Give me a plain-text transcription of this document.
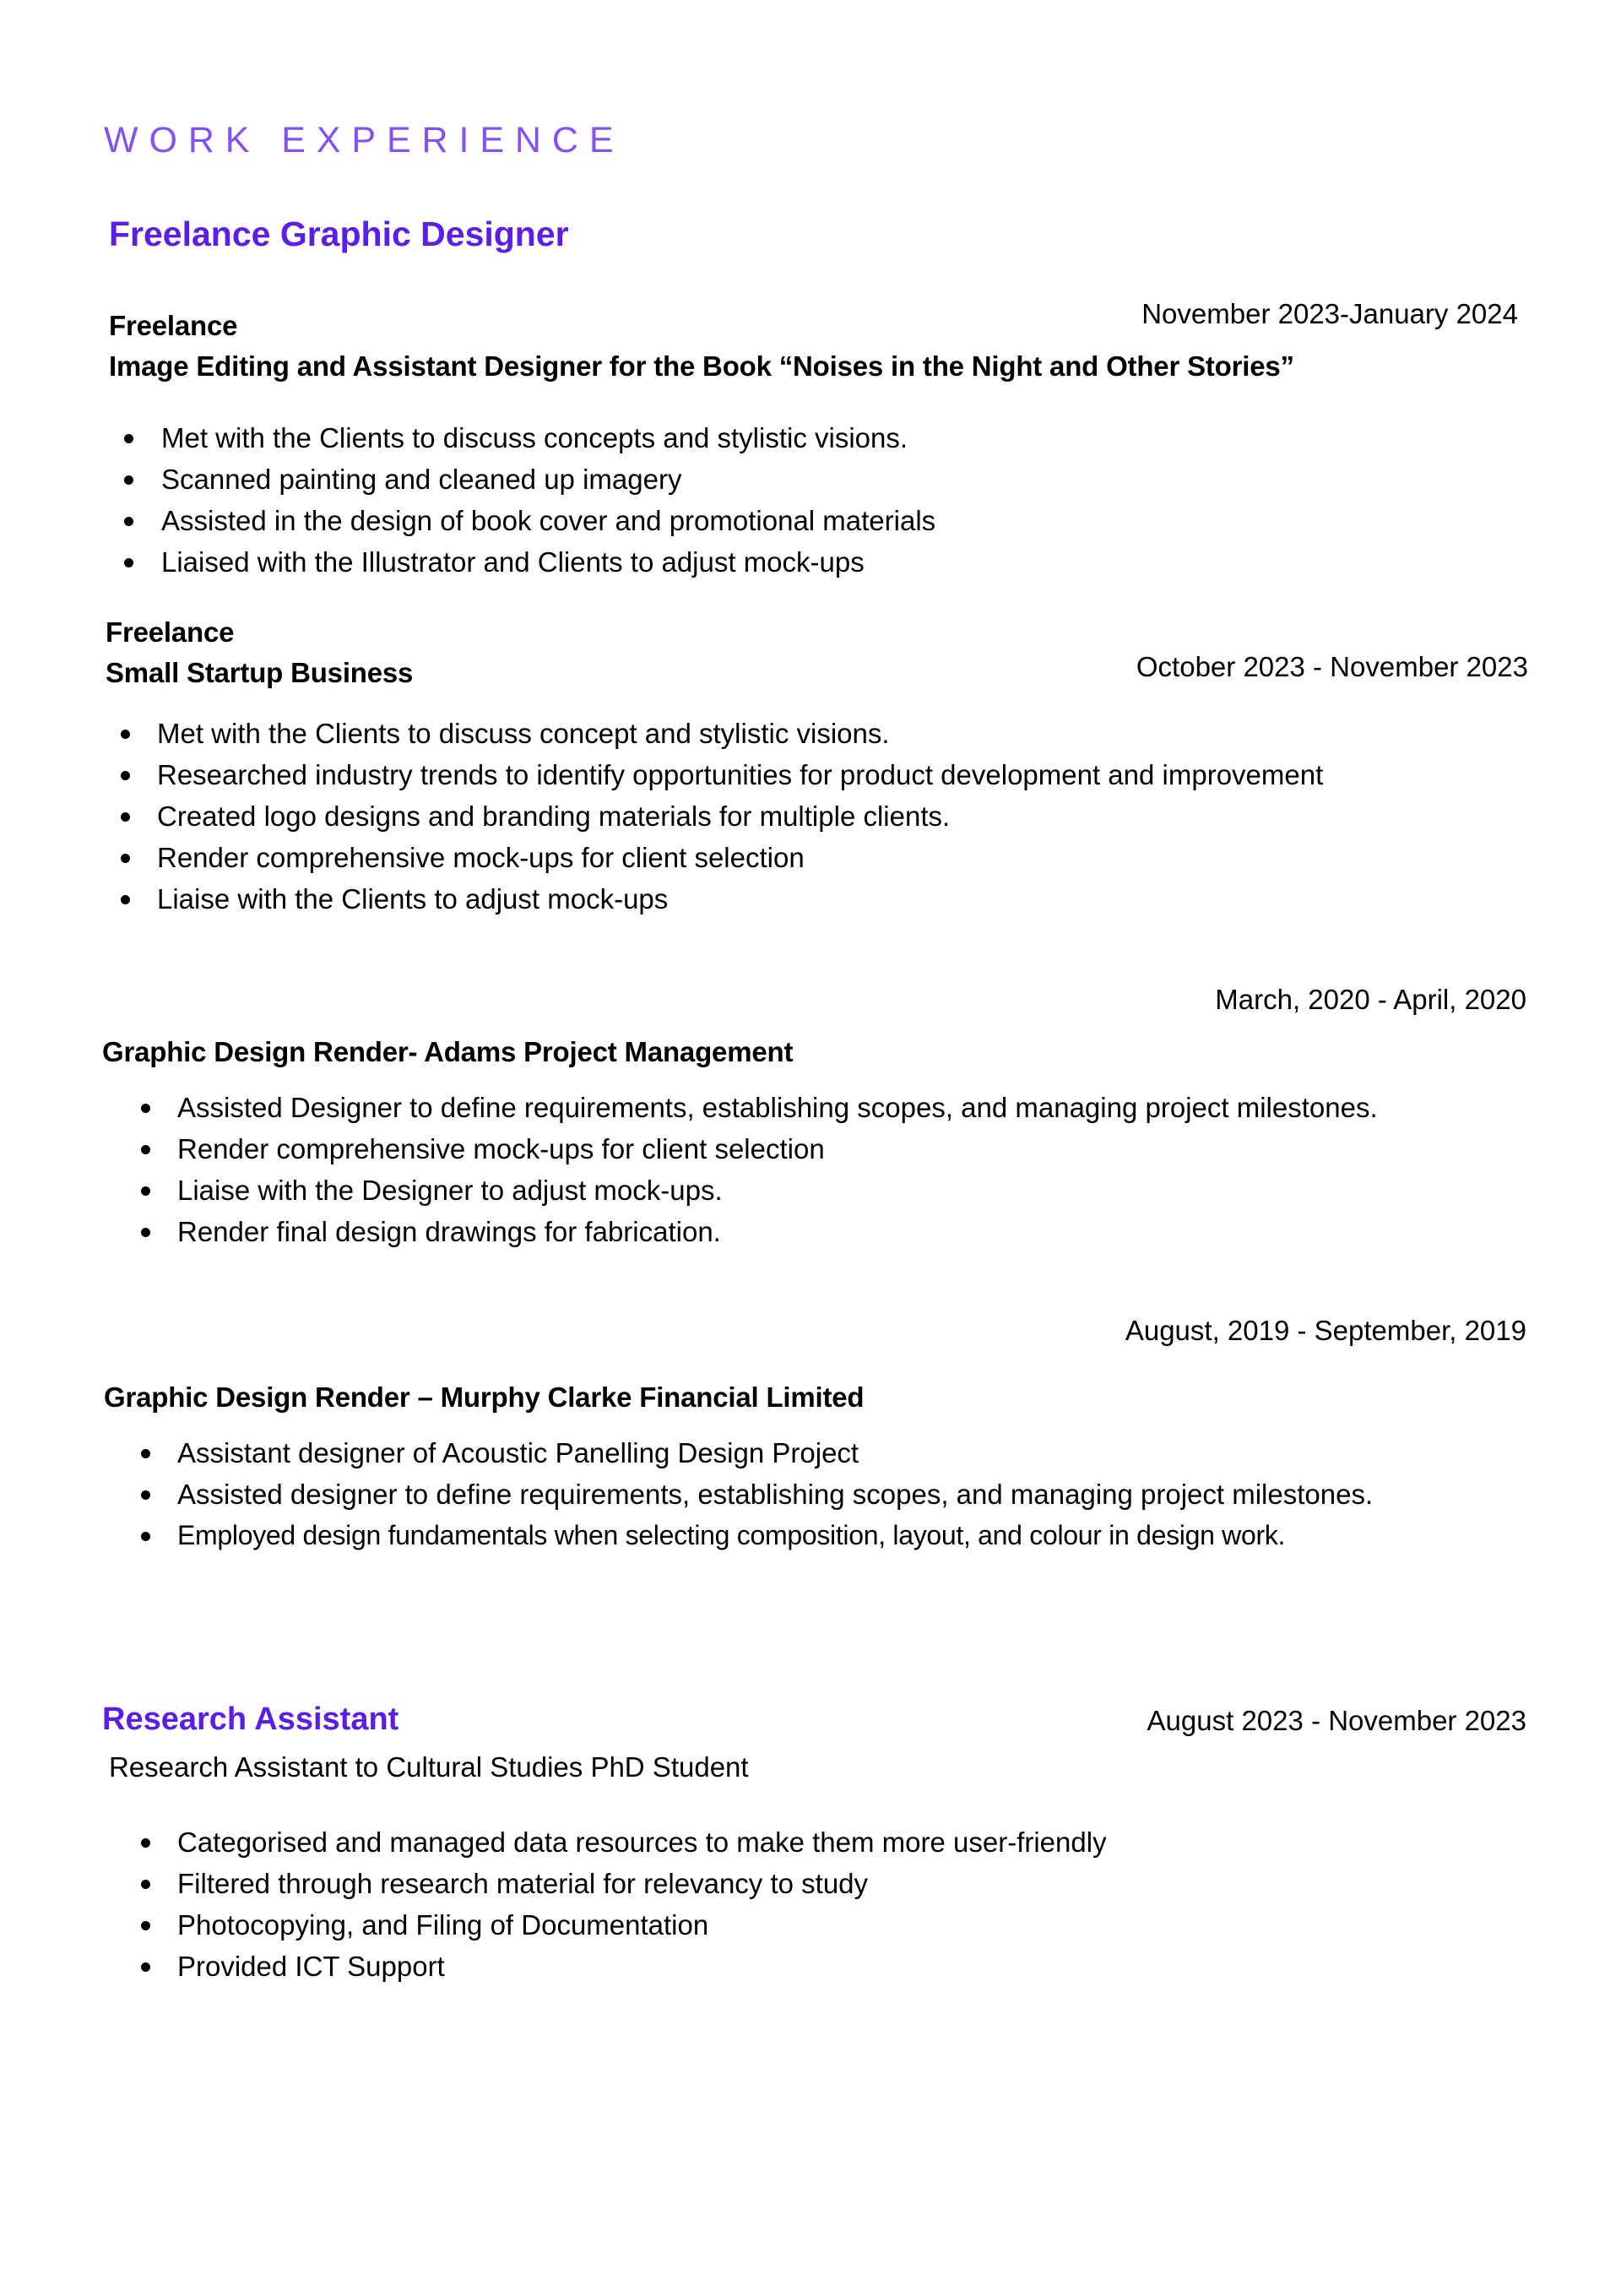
WORK EXPERIENCE
Freelance Graphic Designer
November 2023-January 2024
Freelance
Image Editing and Assistant Designer for the Book “Noises in the Night and Other Stories”
Met with the Clients to discuss concepts and stylistic visions.
Scanned painting and cleaned up imagery
Assisted in the design of book cover and promotional materials
Liaised with the Illustrator and Clients to adjust mock-ups
Freelance
Small Startup Business	October 2023 - November 2023
Met with the Clients to discuss concept and stylistic visions.
Researched industry trends to identify opportunities for product development and improvement
Created logo designs and branding materials for multiple clients.
Render comprehensive mock-ups for client selection
Liaise with the Clients to adjust mock-ups
March, 2020 - April, 2020
Graphic Design Render- Adams Project Management
Assisted Designer to define requirements, establishing scopes, and managing project milestones.
Render comprehensive mock-ups for client selection
Liaise with the Designer to adjust mock-ups.
Render final design drawings for fabrication.
August, 2019 - September, 2019
Graphic Design Render – Murphy Clarke Financial Limited
Assistant designer of Acoustic Panelling Design Project
Assisted designer to define requirements, establishing scopes, and managing project milestones.
Employed design fundamentals when selecting composition, layout, and colour in design work.
Research Assistant	August 2023 - November 2023
Research Assistant to Cultural Studies PhD Student
Categorised and managed data resources to make them more user-friendly
Filtered through research material for relevancy to study
Photocopying, and Filing of Documentation
Provided ICT Support
